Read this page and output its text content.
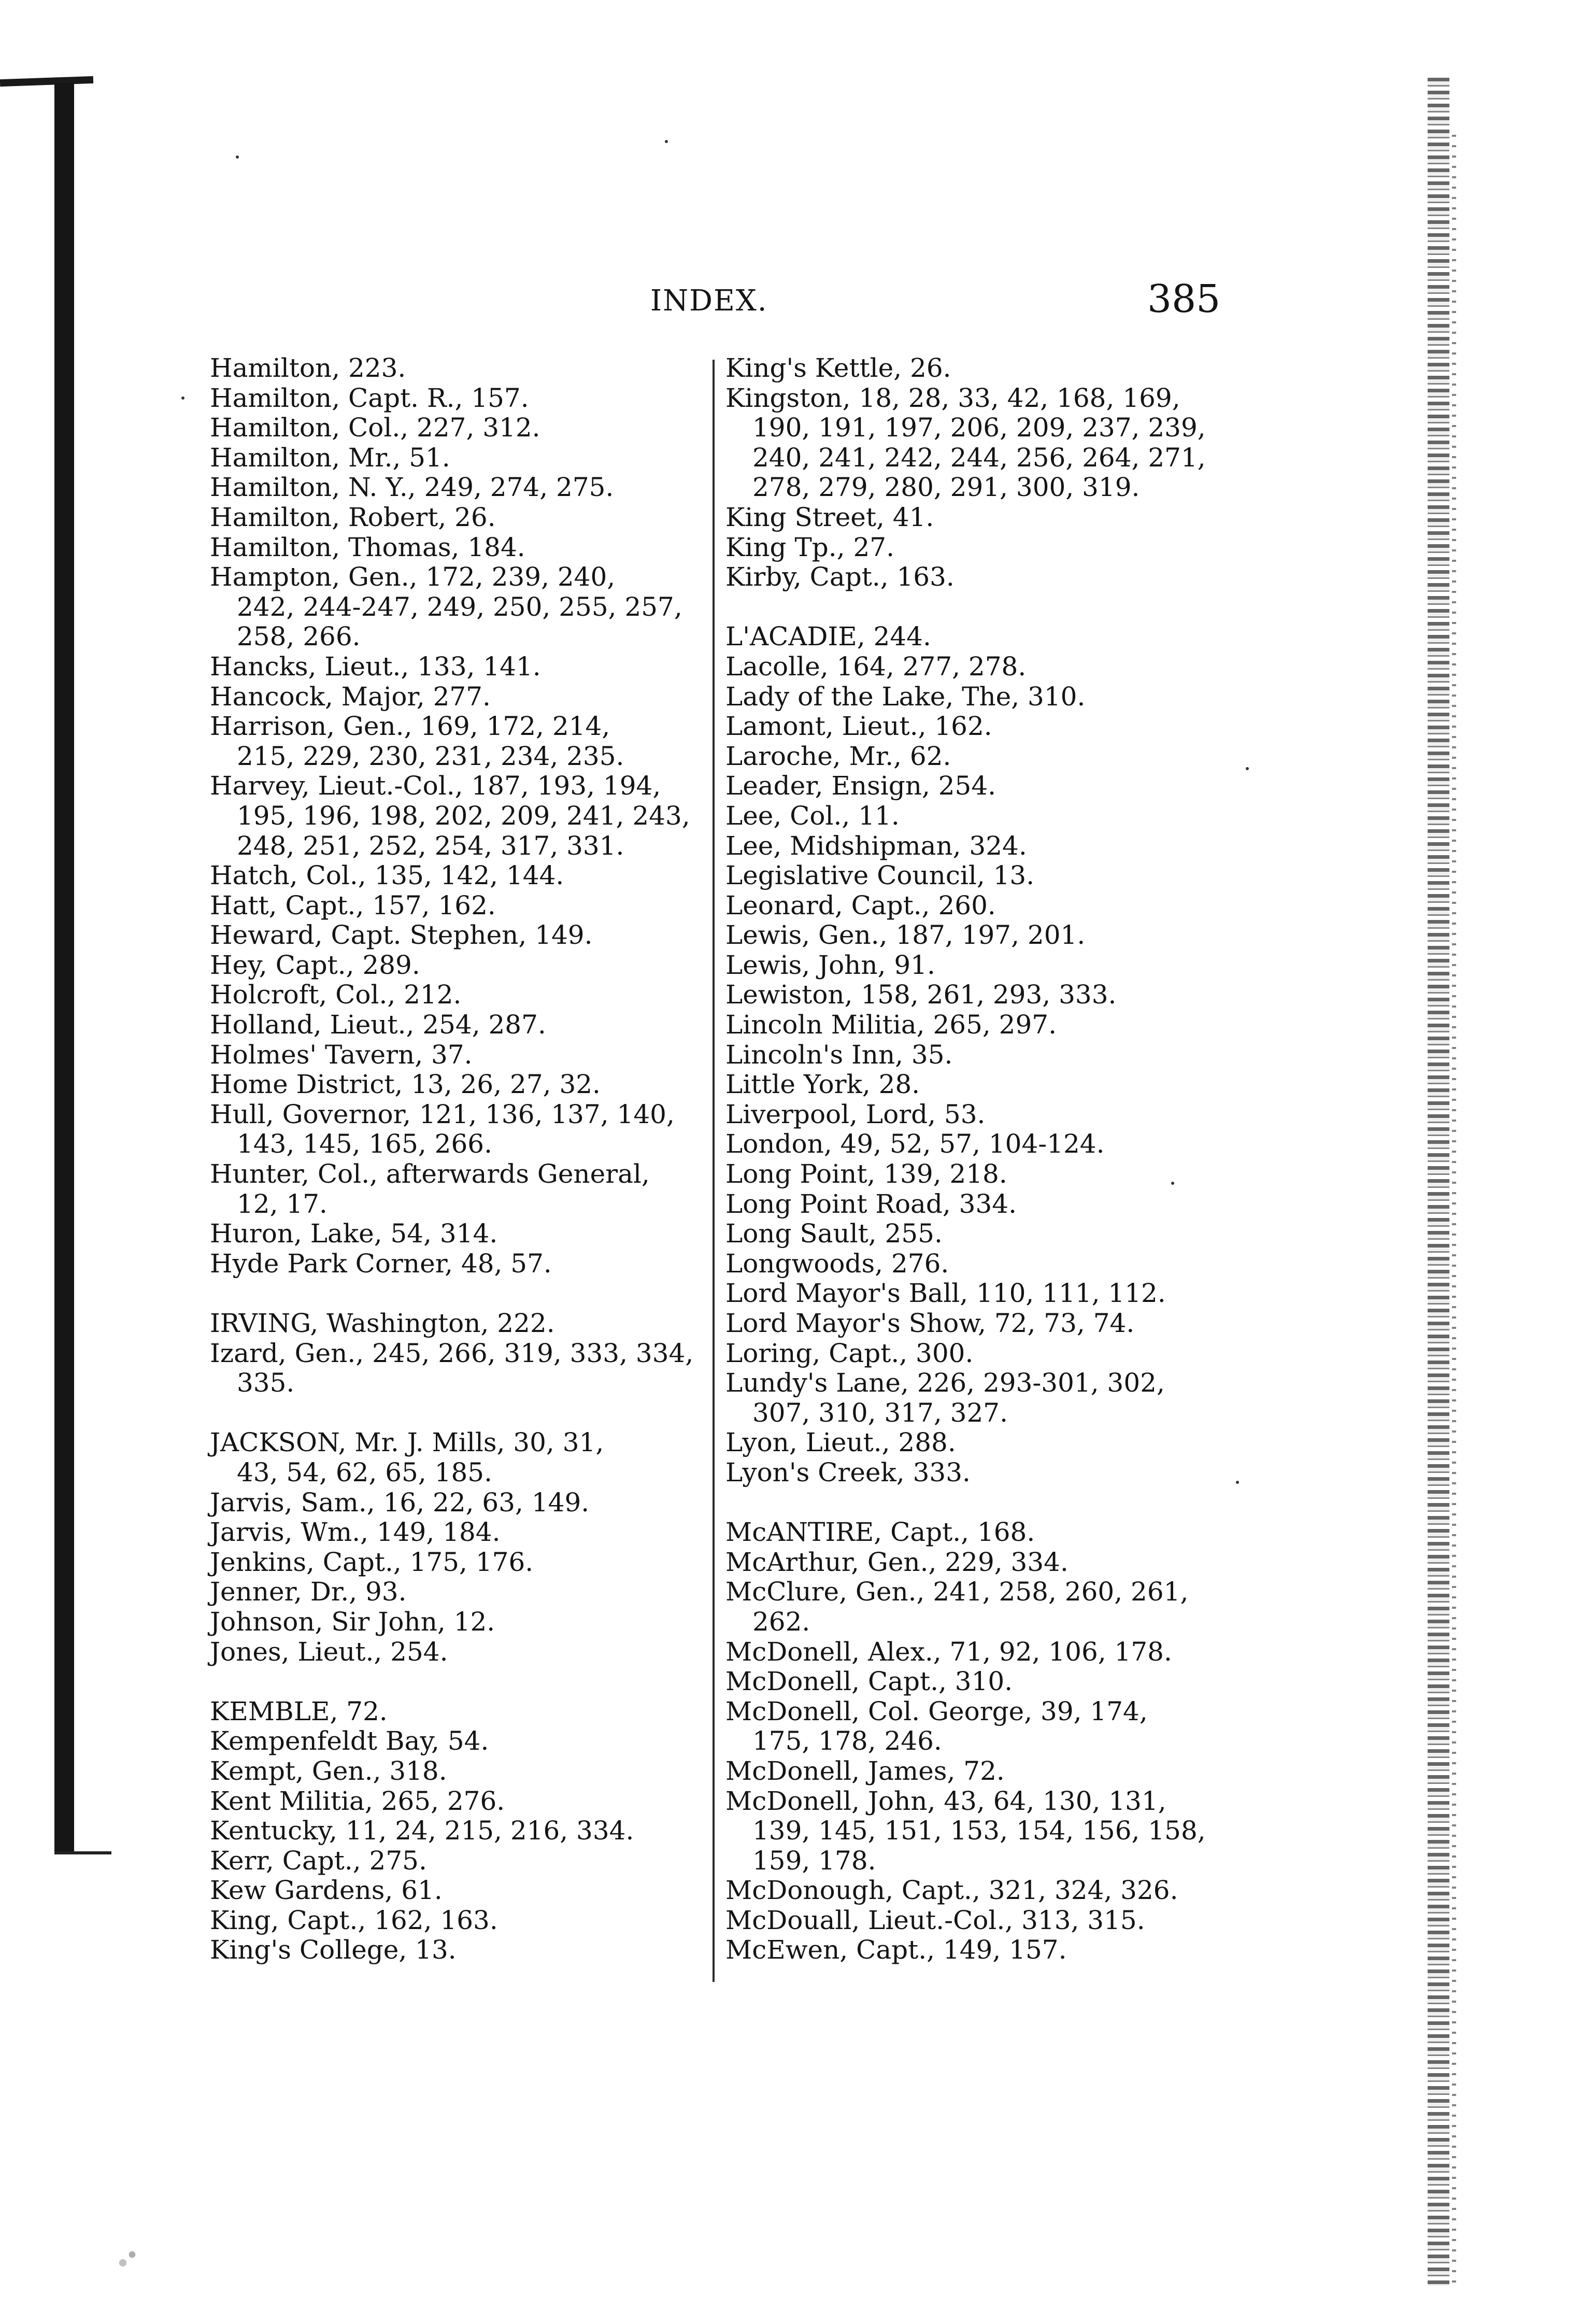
INDEX.	385
Hamilton, 223.
Hamilton, Capt. R., 157.
Hamilton, Col., 227, 312.
Hamilton, Mr., 51.
Hamilton, N. Y., 249, 274, 275.
Hamilton, Robert, 26.
Hamilton, Thomas, 184.
Hampton, Gen., 172, 239, 240,
242, 244-247, 249, 250, 255, 257,
258, 266.
Hancks, Lieut., 133, 141.
Hancock, Major, 277.
Harrison, Gen., 169, 172, 214,
215, 229, 230, 231, 234, 235.
Harvey, Lieut.-Col., 187, 193, 194,
195, 196, 198, 202, 209, 241, 243,
248, 251, 252, 254, 317, 331.
Hatch, Col., 135, 142, 144.
Hatt, Capt., 157, 162.
Heward, Capt. Stephen, 149.
Hey, Capt., 289.
Holcroft, Col., 212.
Holland, Lieut., 254, 287.
Holmes' Tavern, 37.
Home District, 13, 26, 27, 32.
Hull, Governor, 121, 136, 137, 140,
143, 145, 165, 266.
Hunter, Col., afterwards General,
12, 17.
Huron, Lake, 54, 314.
Hyde Park Corner, 48, 57.
IRVING, Washington, 222.
Izard, Gen., 245, 266, 319, 333, 334,
335.
JACKSON, Mr. J. Mills, 30, 31,
43, 54, 62, 65, 185.
Jarvis, Sam., 16, 22, 63, 149.
Jarvis, Wm., 149, 184.
Jenkins, Capt., 175, 176.
Jenner, Dr., 93.
Johnson, Sir John, 12.
Jones, Lieut., 254.
KEMBLE, 72.
Kempenfeldt Bay, 54.
Kempt, Gen., 318.
Kent Militia, 265, 276.
Kentucky, 11, 24, 215, 216, 334.
Kerr, Capt., 275.
Kew Gardens, 61.
King, Capt., 162, 163.
King's College, 13.
King's Kettle, 26.
Kingston, 18, 28, 33, 42, 168, 169,
190, 191, 197, 206, 209, 237, 239,
240, 241, 242, 244, 256, 264, 271,
278, 279, 280, 291, 300, 319.
King Street, 41.
King Tp., 27.
Kirby, Capt., 163.
L'ACADIE, 244.
Lacolle, 164, 277, 278.
Lady of the Lake, The, 310.
Lamont, Lieut., 162.
Laroche, Mr., 62.
Leader, Ensign, 254.
Lee, Col., 11.
Lee, Midshipman, 324.
Legislative Council, 13.
Leonard, Capt., 260.
Lewis, Gen., 187, 197, 201.
Lewis, John, 91.
Lewiston, 158, 261, 293, 333.
Lincoln Militia, 265, 297.
Lincoln's Inn, 35.
Little York, 28.
Liverpool, Lord, 53.
London, 49, 52, 57, 104-124.
Long Point, 139, 218.
Long Point Road, 334.
Long Sault, 255.
Longwoods, 276.
Lord Mayor's Ball, 110, 111, 112.
Lord Mayor's Show, 72, 73, 74.
Loring, Capt., 300.
Lundy's Lane, 226, 293-301, 302,
307, 310, 317, 327.
Lyon, Lieut., 288.
Lyon's Creek, 333.
McANTIRE, Capt., 168.
McArthur, Gen., 229, 334.
McClure, Gen., 241, 258, 260, 261,
262.
McDonell, Alex., 71, 92, 106, 178.
McDonell, Capt., 310.
McDonell, Col. George, 39, 174,
175, 178, 246.
McDonell, James, 72.
McDonell, John, 43, 64, 130, 131,
139, 145, 151, 153, 154, 156, 158,
159, 178.
McDonough, Capt., 321, 324, 326.
McDouall, Lieut.-Col., 313, 315.
McEwen, Capt., 149, 157.
